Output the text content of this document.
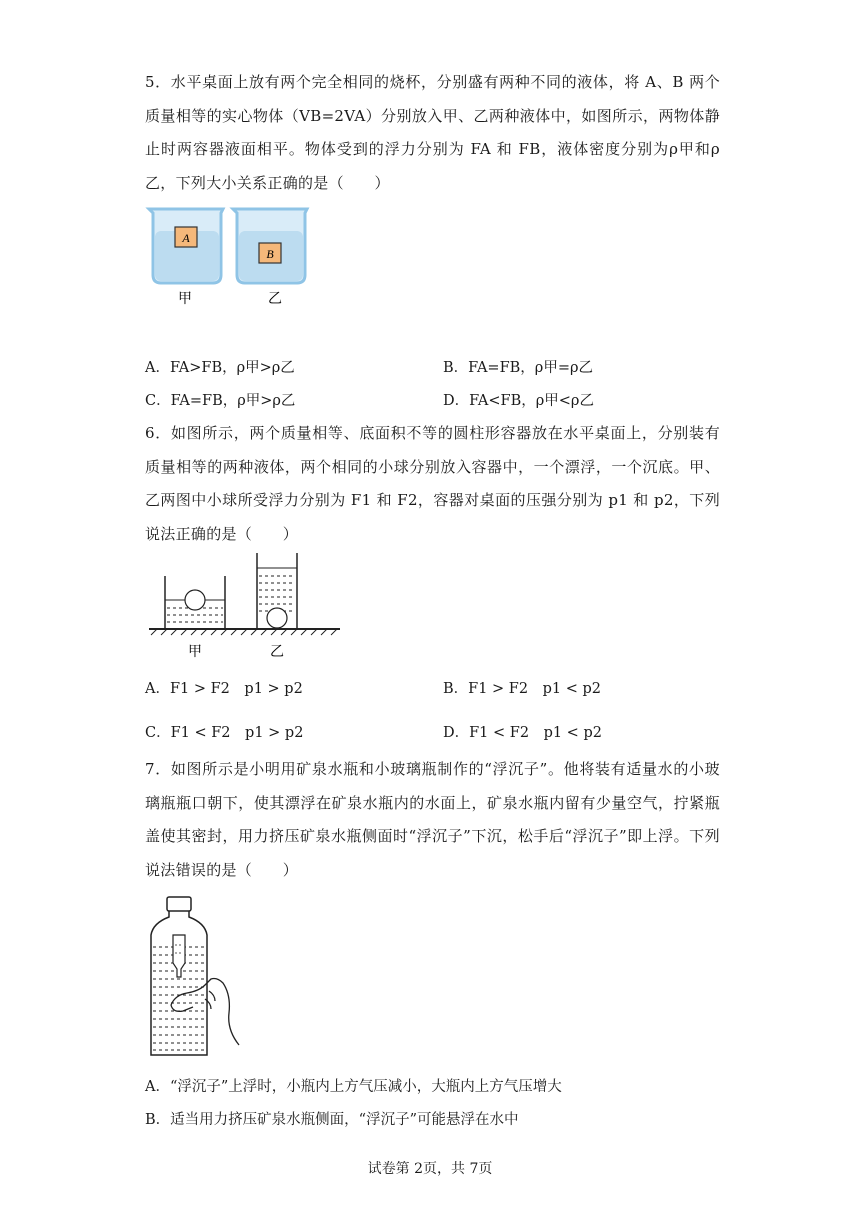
5．水平桌面上放有两个完全相同的烧杯，分别盛有两种不同的液体，将 A、B 两个质量相等的实心物体（VB=2VA）分别放入甲、乙两种液体中，如图所示，两物体静止时两容器液面相平。物体受到的浮力分别为 FA 和 FB，液体密度分别为ρ甲和ρ乙，下列大小关系正确的是（　　）
A
B
甲	乙
A．FA>FB，ρ甲>ρ乙	B．FA=FB，ρ甲=ρ乙
C．FA=FB，ρ甲>ρ乙	D．FA<FB，ρ甲<ρ乙
6．如图所示，两个质量相等、底面积不等的圆柱形容器放在水平桌面上，分别装有质量相等的两种液体，两个相同的小球分别放入容器中，一个漂浮，一个沉底。甲、乙两图中小球所受浮力分别为 F1 和 F2，容器对桌面的压强分别为 p1 和 p2，下列说法正确的是（　　）
甲	乙
A．F1 > F2　p1 > p2	B．F1 > F2　p1 < p2
C．F1 < F2　p1 > p2	D．F1 < F2　p1 < p2
7．如图所示是小明用矿泉水瓶和小玻璃瓶制作的“浮沉子”。他将装有适量水的小玻璃瓶瓶口朝下，使其漂浮在矿泉水瓶内的水面上，矿泉水瓶内留有少量空气，拧紧瓶盖使其密封，用力挤压矿泉水瓶侧面时“浮沉子”下沉，松手后“浮沉子”即上浮。下列说法错误的是（　　）
A．“浮沉子”上浮时，小瓶内上方气压减小，大瓶内上方气压增大
B．适当用力挤压矿泉水瓶侧面，“浮沉子”可能悬浮在水中
试卷第 2页，共 7页
